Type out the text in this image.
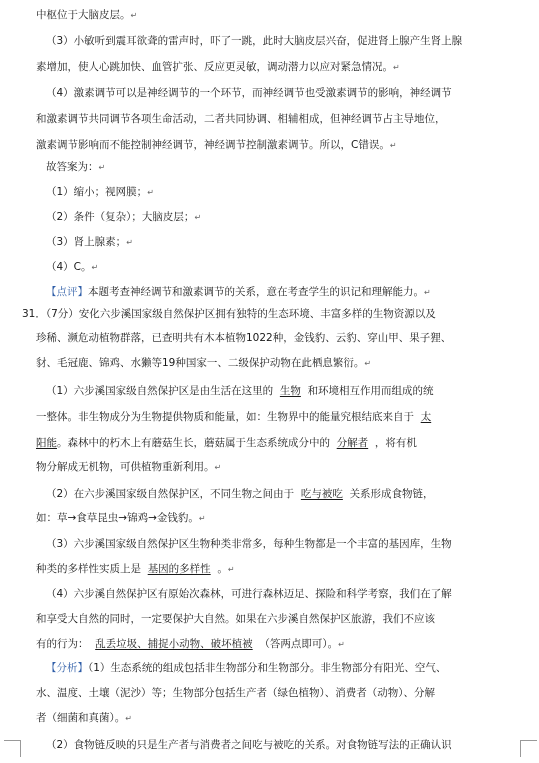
中枢位于大脑皮层。↵
（3）小敏听到震耳欲聋的雷声时，吓了一跳，此时大脑皮层兴奋，促进肾上腺产生肾上腺
素增加，使人心跳加快、血管扩张、反应更灵敏，调动潜力以应对紧急情况。↵
（4）激素调节可以是神经调节的一个环节，而神经调节也受激素调节的影响，神经调节
和激素调节共同调节各项生命活动，二者共同协调、相辅相成，但神经调节占主导地位，
激素调节影响而不能控制神经调节，神经调节控制激素调节。所以，C错误。↵
故答案为：↵
（1）缩小；视网膜；↵
（2）条件（复杂）；大脑皮层；↵
（3）肾上腺素；↵
（4）C。↵
【点评】本题考查神经调节和激素调节的关系，意在考查学生的识记和理解能力。↵
31．（7分）安化六步溪国家级自然保护区拥有独特的生态环境、丰富多样的生物资源以及
珍稀、濒危动植物群落，已查明共有木本植物1022种，金钱豹、云豹、穿山甲、果子狸、
豺、毛冠鹿、锦鸡、水獭等19种国家一、二级保护动物在此栖息繁衍。↵
（1）六步溪国家级自然保护区是由生活在这里的 生物 和环境相互作用而组成的统
一整体。非生物成分为生物提供物质和能量，如：生物界中的能量究根结底来自于 太
阳能。森林中的朽木上有蘑菇生长，蘑菇属于生态系统成分中的 分解者 ，将有机
物分解成无机物，可供植物重新利用。↵
（2）在六步溪国家级自然保护区，不同生物之间由于 吃与被吃 关系形成食物链，
如：草→食草昆虫→锦鸡→金钱豹。↵
（3）六步溪国家级自然保护区生物种类非常多，每种生物都是一个丰富的基因库，生物
种类的多样性实质上是 基因的多样性 。↵
（4）六步溪自然保护区有原始次森林，可进行森林迈足、探险和科学考察，我们在了解
和享受大自然的同时，一定要保护大自然。如果在六步溪自然保护区旅游，我们不应该
有的行为： 乱丢垃圾、捕捉小动物、破坏植被 （答两点即可）。↵
【分析】（1）生态系统的组成包括非生物部分和生物部分。非生物部分有阳光、空气、
水、温度、土壤（泥沙）等；生物部分包括生产者（绿色植物）、消费者（动物）、分解
者（细菌和真菌）。↵
（2）食物链反映的只是生产者与消费者之间吃与被吃的关系。对食物链写法的正确认识
